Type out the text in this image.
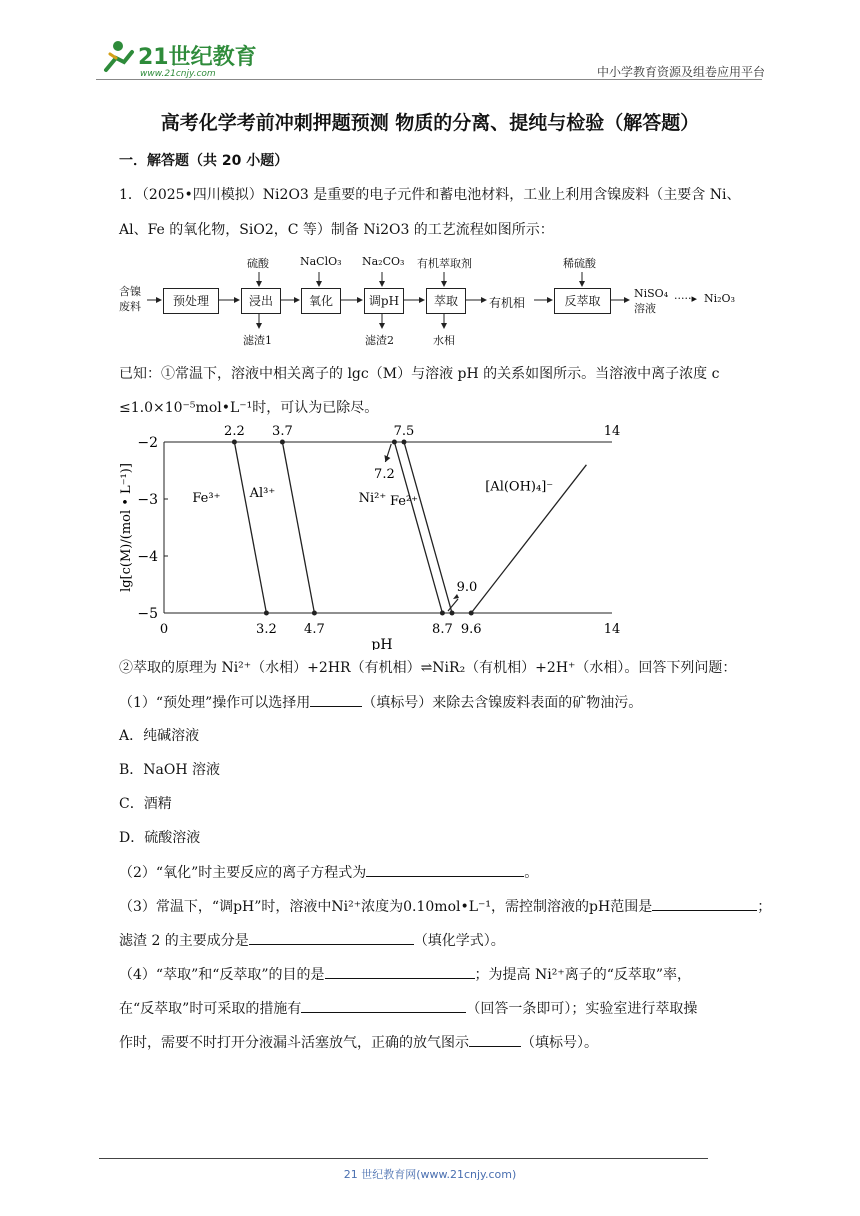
21世纪教育
www.21cnjy.com	中小学教育资源及组卷应用平台
高考化学考前冲刺押题预测 物质的分离、提纯与检验（解答题）
一．解答题（共 20 小题）
1．（2025•四川模拟）Ni2O3 是重要的电子元件和蓄电池材料，工业上利用含镍废料（主要含 Ni、
Al、Fe 的氧化物，SiO2，C 等）制备 Ni2O3 的工艺流程如图所示：
含镍
废料	预处理	浸出	氧化	调pH	萃取	有机相	反萃取
硫酸	NaClO₃ Na₂CO₃ 有机萃取剂	稀硫酸
滤渣1	滤渣2	水相
NiSO₄
溶液
·····▸ Ni₂O₃
已知：①常温下，溶液中相关离子的 lgc（M）与溶液 pH 的关系如图所示。当溶液中离子浓度 c
≤1.0×10⁻⁵mol•L⁻¹时，可认为已除尽。
−2
−3
−4
−5
0	3.2 4.7	8.7 9.6	14
2.2 3.7	7.5	14
pH
lg[c(M)/(mol • L⁻¹)]	Fe³⁺ Al³⁺	Ni²⁺ Fe²⁺
[Al(OH)₄]⁻
7.2
9.0
②萃取的原理为 Ni²⁺（水相）+2HR（有机相）⇌NiR₂（有机相）+2H⁺（水相）。回答下列问题：
（1）“预处理”操作可以选择用	（填标号）来除去含镍废料表面的矿物油污。
A．纯碱溶液
B．NaOH 溶液
C．酒精
D．硫酸溶液
（2）“氧化”时主要反应的离子方程式为	。
（3）常温下，“调pH”时，溶液中Ni²⁺浓度为0.10mol•L⁻¹，需控制溶液的pH范围是	；
滤渣 2 的主要成分是	（填化学式）。
（4）“萃取”和“反萃取”的目的是	；为提高 Ni²⁺离子的“反萃取”率，
在“反萃取”时可采取的措施有	（回答一条即可）；实验室进行萃取操
作时，需要不时打开分液漏斗活塞放气，正确的放气图示	（填标号）。
21 世纪教育网(www.21cnjy.com)
